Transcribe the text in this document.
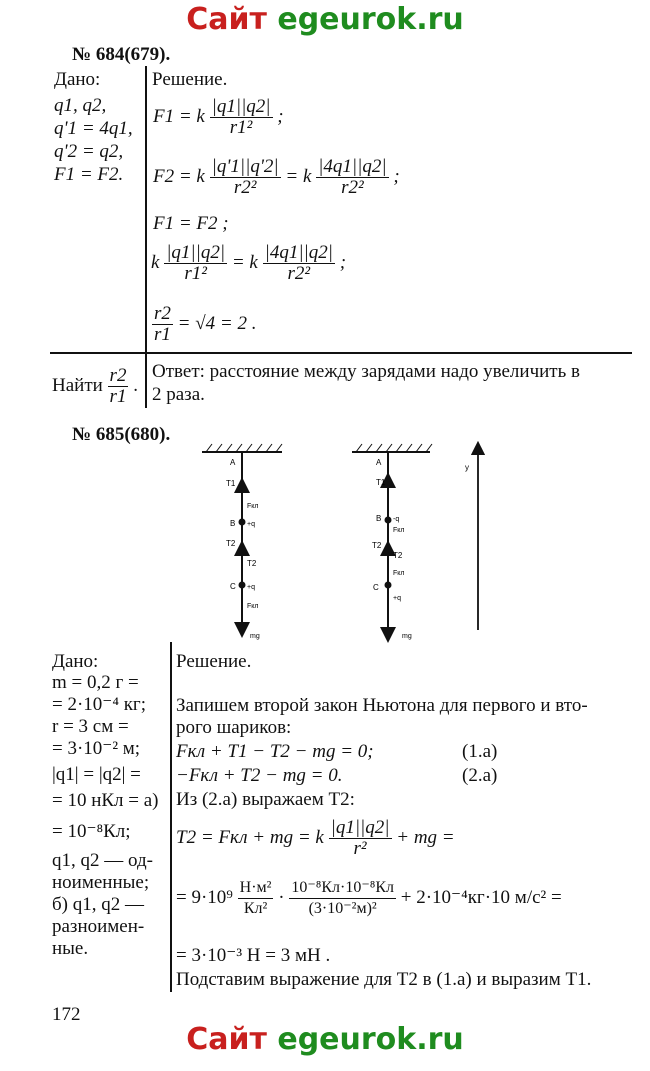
Сайт egeurok.ru
№ 684(679).
Дано:
q1, q2,
q'1 = 4q1,
q'2 = q2,
F1 = F2.
Решение.
F1 = k $\frac{|q1||q2|}{\text{r1²}}$ ;
F2 = k $\frac{|q'1||q'2|}{\text{r2²}} = k \frac{|4q1||q2|}{\text{r2²}}$ ;
F1 = F2 ;
k $\frac{|q1||q2|}{\text{r1²}} = k \frac{|4q1||q2|}{\text{r2²}}$ ;
$\frac{r2}{r1} = √4 = 2$ .
Найти $\frac{r2}{r1}$ .
Ответ: расстояние между зарядами надо увеличить в
2 раза.
№ 685(680).
A
B
C
T1
Fкл
+q
T2
T2
+q
Fкл
mg
A
B
C
T1
-q
Fкл
T2
T2
Fкл
+q
mg
y
Дано:
m = 0,2 г =
= 2·10⁻⁴ кг;
r = 3 см =
= 3·10⁻² м;
|q1| = |q2| =
= 10 нКл = а)
= 10⁻⁸Кл;
q1, q2 — од-
ноименные;
б) q1, q2 —
разноимен-
ные.
Решение.
Запишем второй закон Ньютона для первого и вто-
рого шариков:
Fкл + T1 − T2 − mg = 0;	(1.а)
−Fкл + T2 − mg = 0.	(2.а)
Из (2.а) выражаем T2:
T2 = Fкл + mg = k $\frac{|q1||q2|}{\text{r²}}$ + mg =
= $9\cdot 10^9 \frac{\text{Н·м²}}{\text{Кл²}} \cdot \frac{\text{10⁻⁸Кл·10⁻⁸Кл}}{\text{(3·10⁻²м)²}} + 2\cdot 10^{-4}кг\cdot 10$ м/с² =
= 3·10⁻³ Н = 3 мН .
Подставим выражение для T2 в (1.а) и выразим T1.
172
Сайт egeurok.ru
